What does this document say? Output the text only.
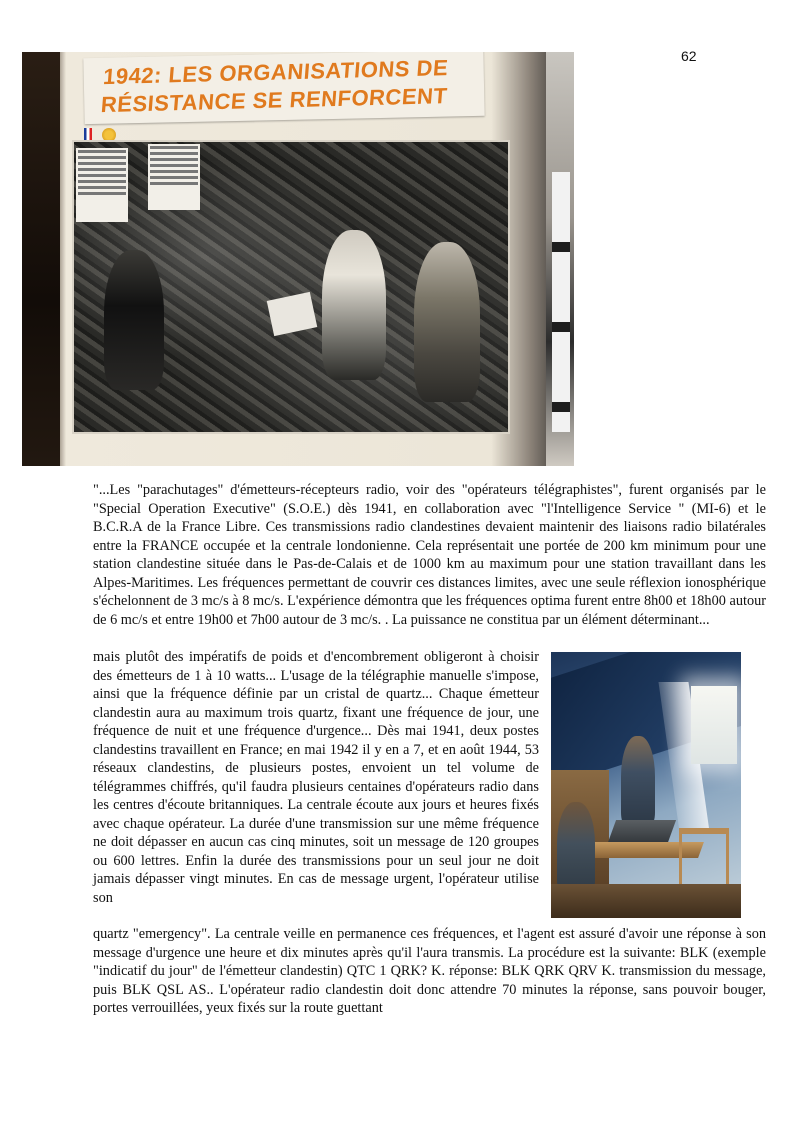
62
1942: LES ORGANISATIONS DE
RÉSISTANCE SE RENFORCENT

"...Les "parachutages" d'émetteurs-récepteurs radio, voir des "opérateurs télégraphistes", furent organisés par le "Special Operation Executive" (S.O.E.) dès 1941, en collaboration avec "l'Intelligence Service " (MI-6) et le B.C.R.A de la France Libre. Ces transmissions radio clandestines devaient maintenir des liaisons radio bilatérales entre la FRANCE occupée et la centrale londonienne. Cela représentait une portée de 200 km minimum pour une station clandestine située dans le Pas-de-Calais et de 1000 km au maximum pour une station travaillant dans les Alpes-Maritimes. Les fréquences permettant de couvrir ces distances limites, avec une seule réflexion ionosphérique s'échelonnent de 3 mc/s à 8 mc/s. L'expérience démontra que les fréquences optima furent entre 8h00 et 18h00 autour de 6 mc/s et entre 19h00 et 7h00 autour de 3 mc/s. . La puissance ne constitua par un élément déterminant...

mais plutôt des impératifs de poids et d'encombrement obligeront à choisir des émetteurs de 1 à 10 watts... L'usage de la télégraphie manuelle s'impose, ainsi que la fréquence définie par un cristal de quartz... Chaque émetteur clandestin aura au maximum trois quartz, fixant une fréquence de jour, une fréquence de nuit et une fréquence d'urgence... Dès mai 1941, deux postes clandestins travaillent en France; en mai 1942 il y en a 7, et en août 1944, 53 réseaux clandestins, de plusieurs postes, envoient un tel volume de télégrammes chiffrés, qu'il faudra plusieurs centaines d'opérateurs radio dans les centres d'écoute britanniques. La centrale écoute aux jours et heures fixés avec chaque opérateur. La durée d'une transmission sur une même fréquence ne doit dépasser en aucun cas cinq minutes, soit un message de 120 groupes ou 600 lettres. Enfin la durée des transmissions pour un seul jour ne doit jamais dépasser vingt minutes. En cas de message urgent, l'opérateur utilise son

quartz "emergency". La centrale veille en permanence ces fréquences, et l'agent est assuré d'avoir une réponse à son message d'urgence une heure et dix minutes après qu'il l'aura transmis. La procédure est la suivante: BLK (exemple "indicatif du jour" de l'émetteur clandestin) QTC 1 QRK? K. réponse: BLK QRK QRV K. transmission du message, puis BLK QSL AS.. L'opérateur radio clandestin doit donc attendre 70 minutes la réponse, sans pouvoir bouger, portes verrouillées, yeux fixés sur la route guettant
